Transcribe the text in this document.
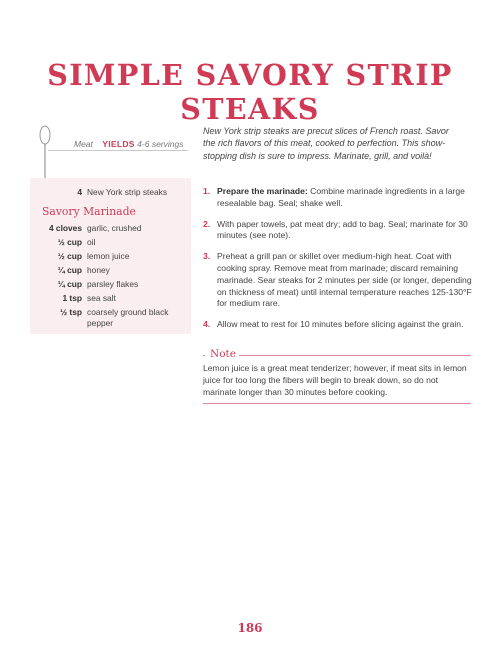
SIMPLE SAVORY STRIP STEAKS
Meat YIELDS 4-6 servings
4 New York strip steaks
4 cloves garlic, crushed
½ cup oil
½ cup lemon juice
¼ cup honey
¼ cup parsley flakes
1 tsp sea salt
½ tsp coarsely ground black pepper
Savory Marinade
New York strip steaks are precut slices of French roast. Savor the rich flavors of this meat, cooked to perfection. This show-stopping dish is sure to impress. Marinate, grill, and voilà!
1. Prepare the marinade: Combine marinade ingredients in a large resealable bag. Seal; shake well.
2. With paper towels, pat meat dry; add to bag. Seal; marinate for 30 minutes (see note).
3. Preheat a grill pan or skillet over medium-high heat. Coat with cooking spray. Remove meat from marinade; discard remaining marinade. Sear steaks for 2 minutes per side (or longer, depending on thickness of meat) until internal temperature reaches 125-130°F for medium rare.
4. Allow meat to rest for 10 minutes before slicing against the grain.
Note
Lemon juice is a great meat tenderizer; however, if meat sits in lemon juice for too long the fibers will begin to break down, so do not marinate longer than 30 minutes before cooking.
186
